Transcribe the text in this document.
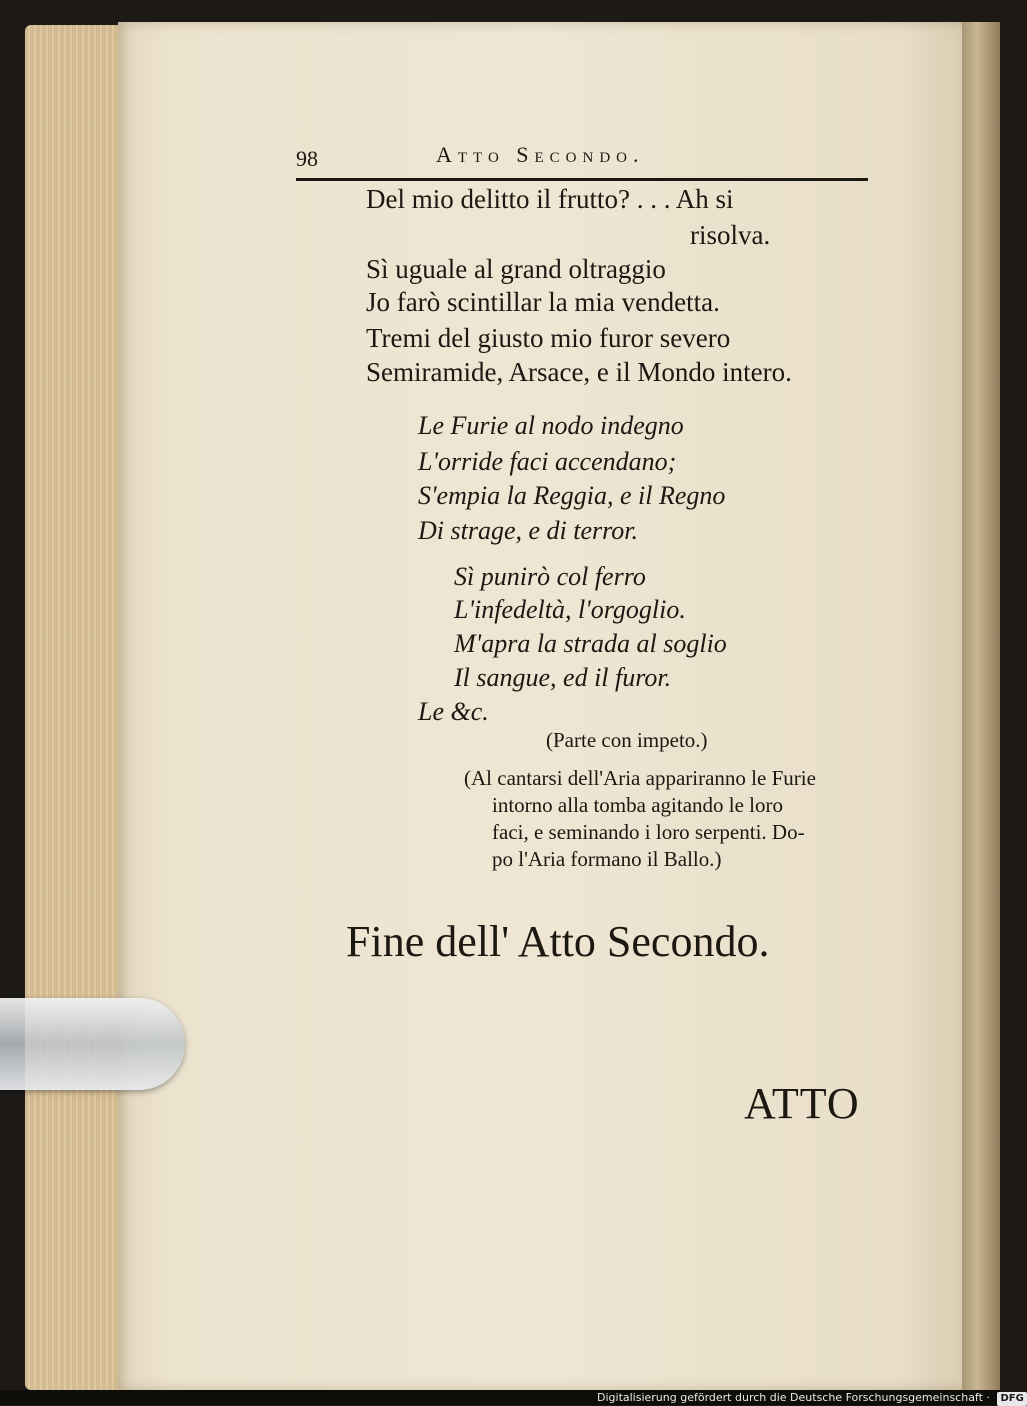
98	Atto Secondo.
Del mio delitto il frutto? . . . Ah si
risolva.
Sì uguale al grand oltraggio
Jo farò scintillar la mia vendetta.
Tremi del giusto mio furor severo
Semiramide, Arsace, e il Mondo intero.
Le Furie al nodo indegno
L'orride faci accendano;
S'empia la Reggia, e il Regno
Di strage, e di terror.
Sì punirò col ferro
L'infedeltà, l'orgoglio.
M'apra la strada al soglio
Il sangue, ed il furor.
Le &c.
(Parte con impeto.)
(Al cantarsi dell'Aria appariranno le Furie
intorno alla tomba agitando le loro
faci, e seminando i loro serpenti. Do-
po l'Aria formano il Ballo.)
Fine dell' Atto Secondo.
ATTO
Digitalisierung gefördert durch die Deutsche Forschungsgemeinschaft · DFG
